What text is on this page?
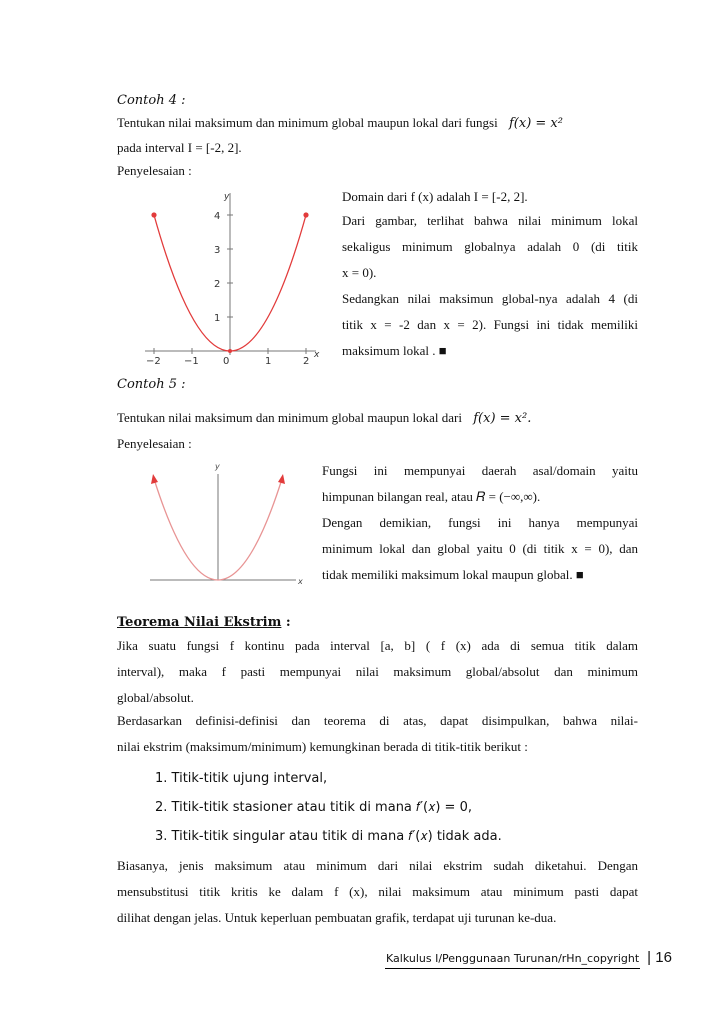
Contoh 4 :
Tentukan nilai maksimum dan minimum global maupun lokal dari fungsi 𝑓(𝑥) = 𝑥²
pada interval I = [-2, 2].
Penyelesaian :
y
x
1
2
3
4
−2 −1 0	1	2
Domain dari f (x) adalah I = [-2, 2].
Dari gambar, terlihat bahwa nilai minimum lokal
sekaligus minimum globalnya adalah 0 (di titik
x = 0).
Sedangkan nilai maksimun global-nya adalah 4 (di
titik x = -2 dan x = 2). Fungsi ini tidak memiliki
maksimum lokal . ■
Contoh 5 :
Tentukan nilai maksimum dan minimum global maupun lokal dari 𝑓(𝑥) = 𝑥².
Penyelesaian :
y
x
Fungsi ini mempunyai daerah asal/domain yaitu
himpunan bilangan real, atau 𝑅 = (−∞,∞).
Dengan demikian, fungsi ini hanya mempunyai
minimum lokal dan global yaitu 0 (di titik x = 0), dan
tidak memiliki maksimum lokal maupun global. ■
Teorema Nilai Ekstrim :
Jika suatu fungsi f kontinu pada interval [a, b] ( f (x) ada di semua titik dalam
interval), maka f pasti mempunyai nilai maksimum global/absolut dan minimum
global/absolut.
Berdasarkan definisi-definisi dan teorema di atas, dapat disimpulkan, bahwa nilai-
nilai ekstrim (maksimum/minimum) kemungkinan berada di titik-titik berikut :
1. Titik-titik ujung interval,
2. Titik-titik stasioner atau titik di mana 𝑓′(𝑥) = 0,
3. Titik-titik singular atau titik di mana 𝑓′(𝑥) tidak ada.
Biasanya, jenis maksimum atau minimum dari nilai ekstrim sudah diketahui. Dengan
mensubstitusi titik kritis ke dalam f (x), nilai maksimum atau minimum pasti dapat
dilihat dengan jelas. Untuk keperluan pembuatan grafik, terdapat uji turunan ke-dua.
Kalkulus I/Penggunaan Turunan/rHn_copyright | 16
